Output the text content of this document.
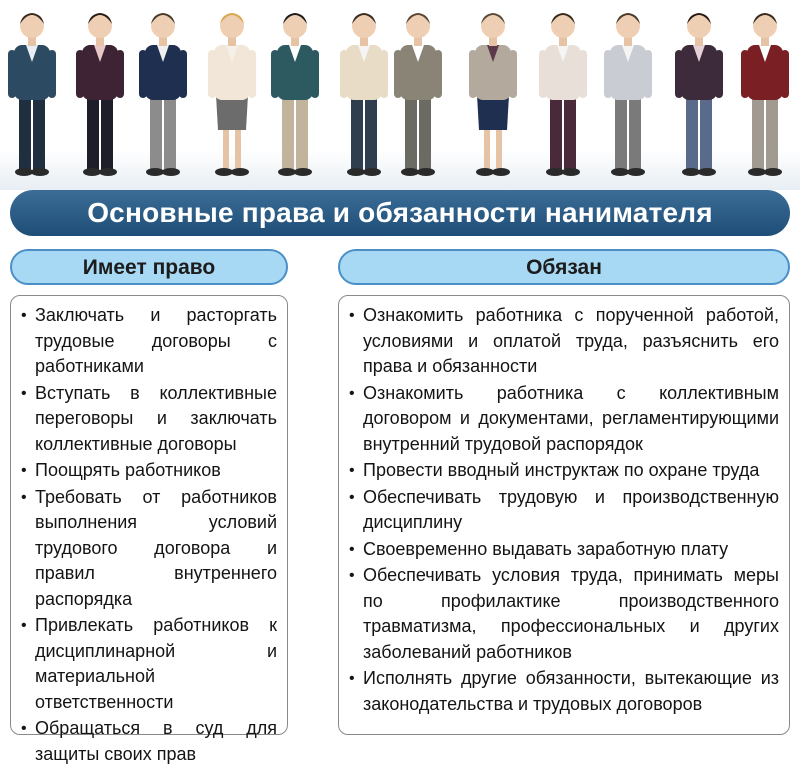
Основные права и обязанности нанимателя
Имеет право	Обязан
• Заключать и расторгать трудовые договоры с работниками
• Вступать в коллективные переговоры и заключать коллективные договоры
• Поощрять работников
• Требовать от работников выполнения условий трудового договора и правил внутреннего распорядка
• Привлекать работников к дисциплинарной и материальной ответственности
• Обращаться в суд для защиты своих прав
• Ознакомить работника с порученной работой, условиями и оплатой труда, разъяснить его права и обязанности
• Ознакомить работника с коллективным договором и документами, регламентирующими внутренний трудовой распорядок
• Провести вводный инструктаж по охране труда
• Обеспечивать трудовую и производственную дисциплину
• Своевременно выдавать заработную плату
• Обеспечивать условия труда, принимать меры по профилактике производственного травматизма, профессиональных и других заболеваний работников
• Исполнять другие обязанности, вытекающие из законодательства и трудовых договоров
